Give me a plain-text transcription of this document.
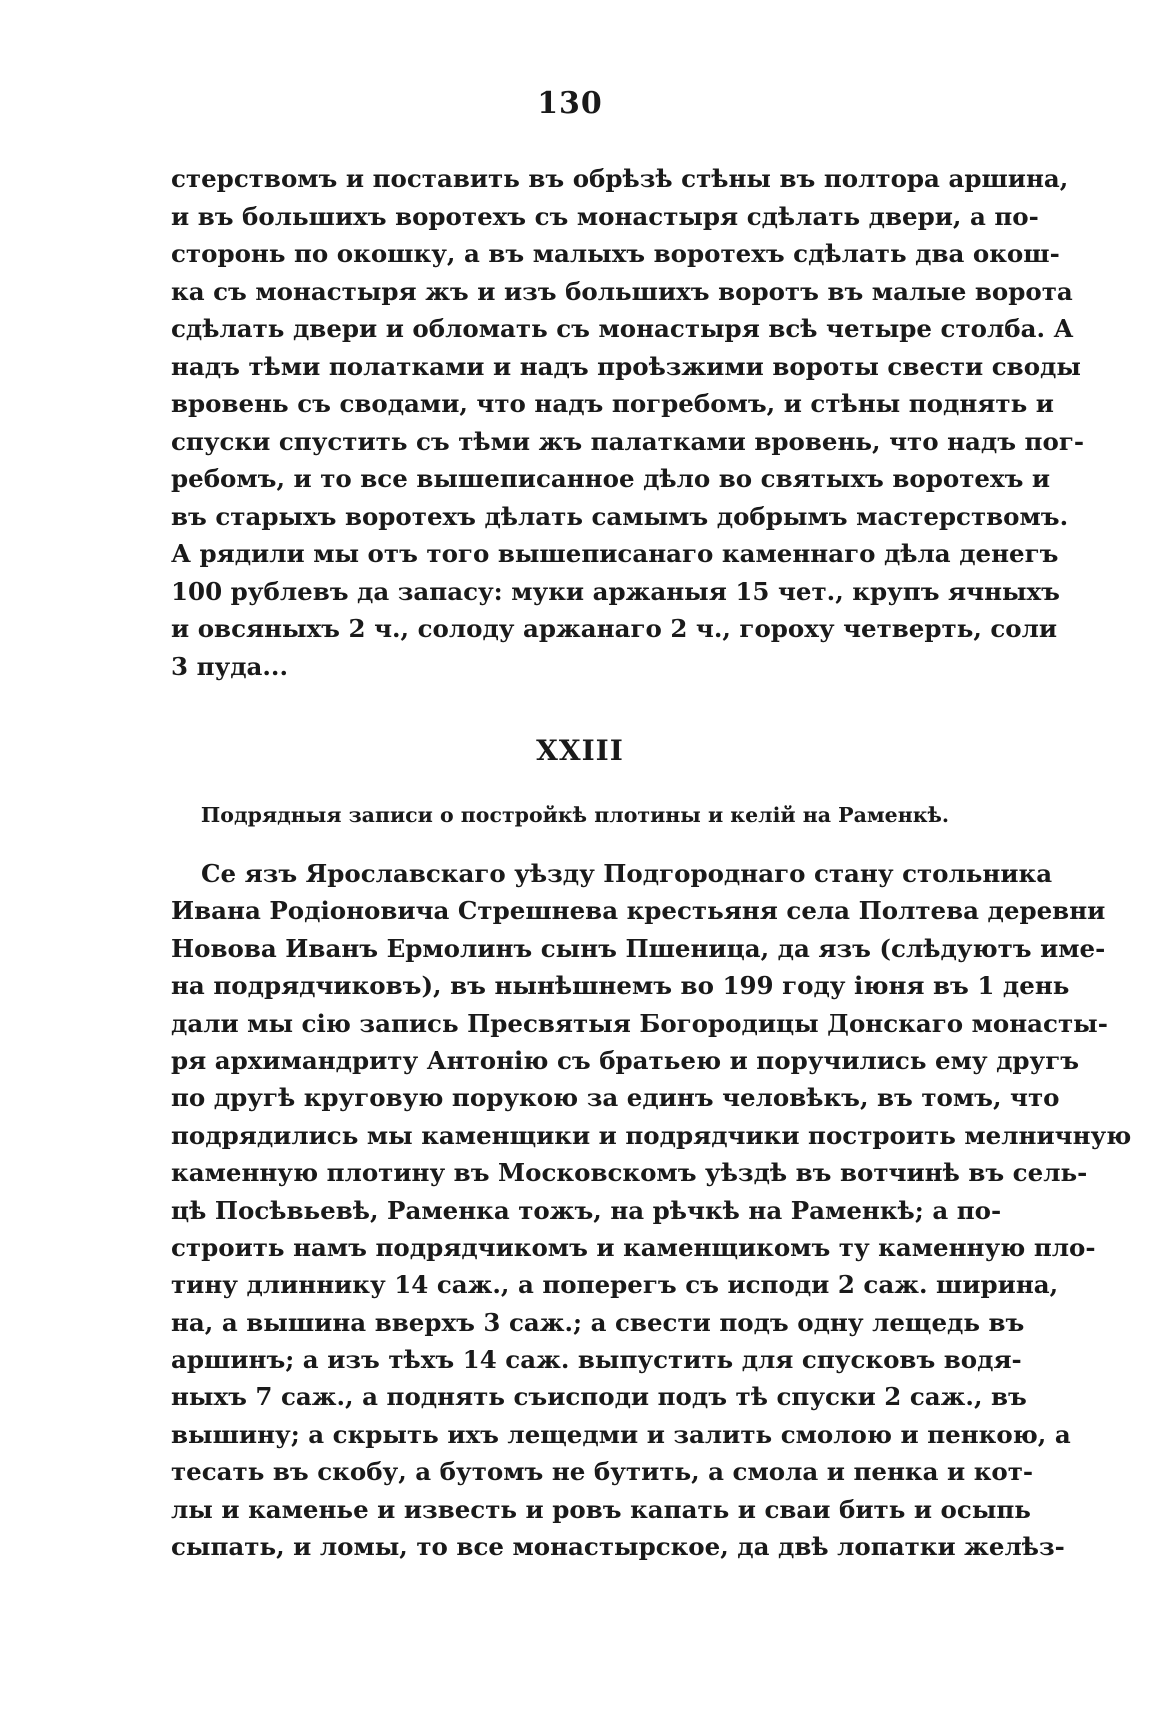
130
стерствомъ и поставить въ обрѣзѣ стѣны въ полтора аршина,
и въ большихъ воротехъ съ монастыря сдѣлать двери, а по-
сторонь по окошку, а въ малыхъ воротехъ сдѣлать два окош-
ка съ монастыря жъ и изъ большихъ воротъ въ малые ворота
сдѣлать двери и обломать съ монастыря всѣ четыре столба. А
надъ тѣми полатками и надъ проѣзжими вороты свести своды
вровень съ сводами, что надъ погребомъ, и стѣны поднять и
спуски спустить съ тѣми жъ палатками вровень, что надъ пог-
ребомъ, и то все вышеписанное дѣло во святыхъ воротехъ и
въ старыхъ воротехъ дѣлать самымъ добрымъ мастерствомъ.
А рядили мы отъ того вышеписанаго каменнаго дѣла денегъ
100 рублевъ да запасу: муки аржаныя 15 чет., крупъ ячныхъ
и овсяныхъ 2 ч., солоду аржанаго 2 ч., гороху четверть, соли
3 пуда...
XXIII
Подрядныя записи о постройкѣ плотины и келій на Раменкѣ.
Се язъ Ярославскаго уѣзду Подгороднаго стану стольника
Ивана Родіоновича Стрешнева крестьяня села Полтева деревни
Новова Иванъ Ермолинъ сынъ Пшеница, да язъ (слѣдуютъ име-
на подрядчиковъ), въ нынѣшнемъ во 199 году іюня въ 1 день
дали мы сію запись Пресвятыя Богородицы Донскаго монасты-
ря архимандриту Антонію съ братьею и поручились ему другъ
по другѣ круговую порукою за единъ человѣкъ, въ томъ, что
подрядились мы каменщики и подрядчики построить мелничную
каменную плотину въ Московскомъ уѣздѣ въ вотчинѣ въ сель-
цѣ Посѣвьевѣ, Раменка тожъ, на рѣчкѣ на Раменкѣ; а по-
строить намъ подрядчикомъ и каменщикомъ ту каменную пло-
тину длиннику 14 саж., а поперегъ съ исподи 2 саж. ширина,
на, а вышина вверхъ 3 саж.; а свести подъ одну лещедь въ
аршинъ; а изъ тѣхъ 14 саж. выпустить для спусковъ водя-
ныхъ 7 саж., а поднять съисподи подъ тѣ спуски 2 саж., въ
вышину; а скрыть ихъ лещедми и залить смолою и пенкою, а
тесать въ скобу, а бутомъ не бутить, а смола и пенка и кот-
лы и каменье и известь и ровъ капать и сваи бить и осыпь
сыпать, и ломы, то все монастырское, да двѣ лопатки желѣз-
